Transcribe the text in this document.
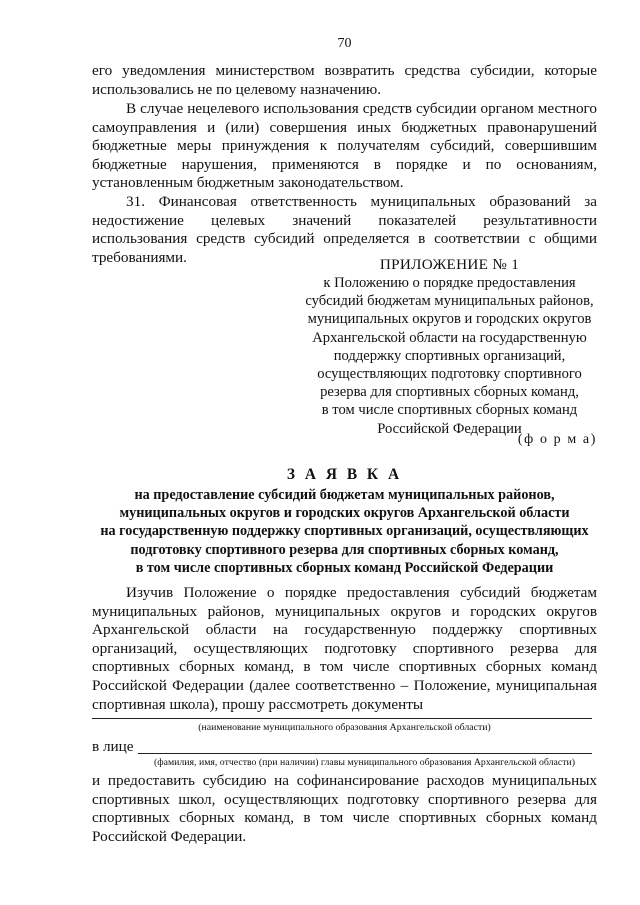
70

его уведомления министерством возвратить средства субсидии, которые использовались не по целевому назначению.

В случае нецелевого использования средств субсидии органом местного самоуправления и (или) совершения иных бюджетных правонарушений бюджетные меры принуждения к получателям субсидий, совершившим бюджетные нарушения, применяются в порядке и по основаниям, установленным бюджетным законодательством.

31. Финансовая ответственность муниципальных образований за недостижение целевых значений показателей результативности использования средств субсидий определяется в соответствии с общими требованиями.	ПРИЛОЖЕНИЕ № 1
к Положению о порядке предоставления
субсидий бюджетам муниципальных районов,
муниципальных округов и городских округов
Архангельской области на государственную
поддержку спортивных организаций,
осуществляющих подготовку спортивного
резерва для спортивных сборных команд,
в том числе спортивных сборных команд
Российской Федерации
(ф о р м а)
З А Я В К А
на предоставление субсидий бюджетам муниципальных районов,
муниципальных округов и городских округов Архангельской области
на государственную поддержку спортивных организаций, осуществляющих
подготовку спортивного резерва для спортивных сборных команд,
в том числе спортивных сборных команд Российской Федерации

Изучив Положение о порядке предоставления субсидий бюджетам муниципальных районов, муниципальных округов и городских округов Архангельской области на государственную поддержку спортивных организаций, осуществляющих подготовку спортивного резерва для спортивных сборных команд, в том числе спортивных сборных команд Российской Федерации (далее соответственно – Положение, муниципальная спортивная школа), прошу рассмотреть документы

(наименование муниципального образования Архангельской области)
в лице
(фамилия, имя, отчество (при наличии) главы муниципального образования Архангельской области)

и предоставить субсидию на софинансирование расходов муниципальных спортивных школ, осуществляющих подготовку спортивного резерва для спортивных сборных команд, в том числе спортивных сборных команд Российской Федерации.
